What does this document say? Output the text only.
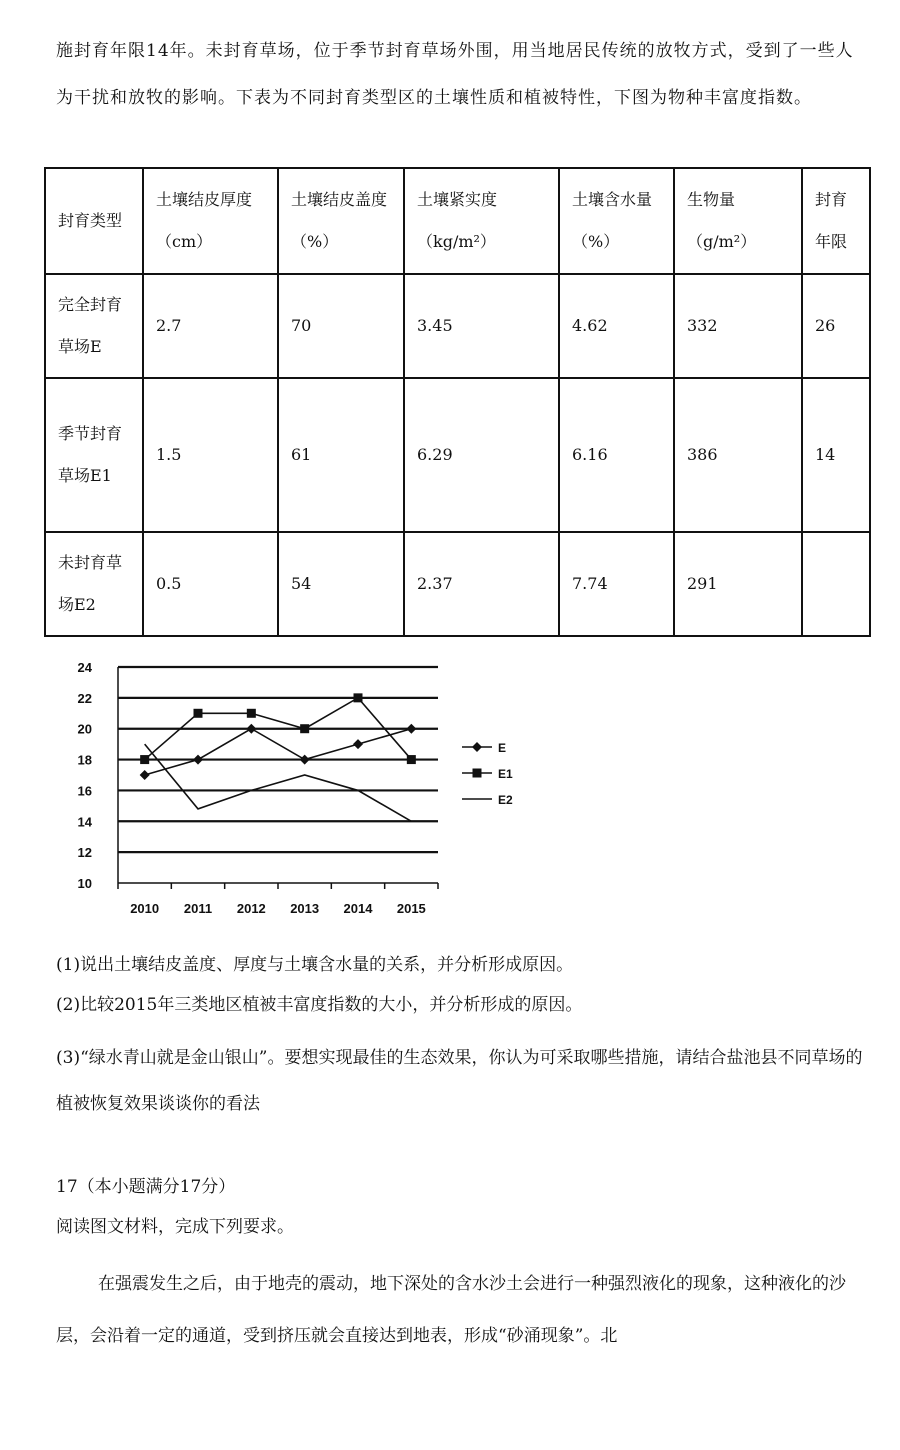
施封育年限14年。未封育草场，位于季节封育草场外围，用当地居民传统的放牧方式，受到了一些人为干扰和放牧的影响。下表为不同封育类型区的土壤性质和植被特性，下图为物种丰富度指数。

封育类型	土壤结皮厚度（cm）	土壤结皮盖度（%）	土壤紧实度（kg/m²）	土壤含水量（%）	生物量（g/m²）	封育年限
完全封育草场E	2.7	70	3.45	4.62	332	26
季节封育草场E1	1.5	61	6.29	6.16	386	14
未封育草场E2	0.5	54	2.37	7.74	291	
10
12
14
16
18
20
22
24
2010 2011 2012 2013 2014 2015
E
E1
E2

(1)说出土壤结皮盖度、厚度与土壤含水量的关系，并分析形成原因。

(2)比较2015年三类地区植被丰富度指数的大小，并分析形成的原因。

(3)“绿水青山就是金山银山”。要想实现最佳的生态效果，你认为可采取哪些措施，请结合盐池县不同草场的植被恢复效果谈谈你的看法

17（本小题满分17分）

阅读图文材料，完成下列要求。

在强震发生之后，由于地壳的震动，地下深处的含水沙土会进行一种强烈液化的现象，这种液化的沙层，会沿着一定的通道，受到挤压就会直接达到地表，形成“砂涌现象”。北
